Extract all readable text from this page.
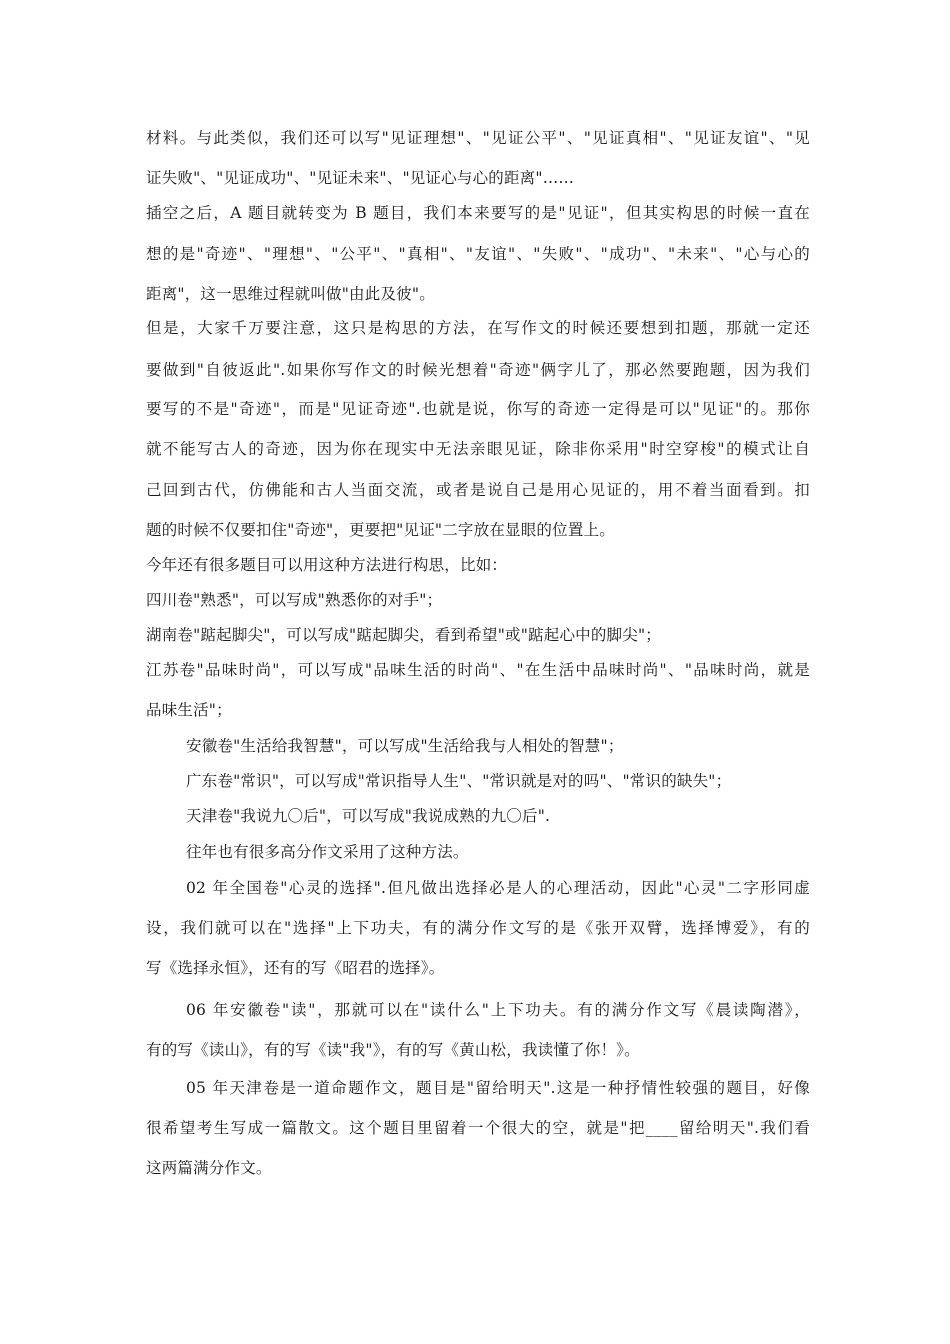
材料。与此类似，我们还可以写"见证理想"、"见证公平"、"见证真相"、"见证友谊"、"见
证失败"、"见证成功"、"见证未来"、"见证心与心的距离"……
插空之后，A 题目就转变为 B 题目，我们本来要写的是"见证"，但其实构思的时候一直在
想的是"奇迹"、"理想"、"公平"、"真相"、"友谊"、"失败"、"成功"、"未来"、"心与心的
距离"，这一思维过程就叫做"由此及彼"。
但是，大家千万要注意，这只是构思的方法，在写作文的时候还要想到扣题，那就一定还
要做到"自彼返此".如果你写作文的时候光想着"奇迹"俩字儿了，那必然要跑题，因为我们
要写的不是"奇迹"，而是"见证奇迹".也就是说，你写的奇迹一定得是可以"见证"的。那你
就不能写古人的奇迹，因为你在现实中无法亲眼见证，除非你采用"时空穿梭"的模式让自
己回到古代，仿佛能和古人当面交流，或者是说自己是用心见证的，用不着当面看到。扣
题的时候不仅要扣住"奇迹"，更要把"见证"二字放在显眼的位置上。
今年还有很多题目可以用这种方法进行构思，比如：
四川卷"熟悉"，可以写成"熟悉你的对手"；
湖南卷"踮起脚尖"，可以写成"踮起脚尖，看到希望"或"踮起心中的脚尖"；
江苏卷"品味时尚"，可以写成"品味生活的时尚"、"在生活中品味时尚"、"品味时尚，就是
品味生活"；
安徽卷"生活给我智慧"，可以写成"生活给我与人相处的智慧"；
广东卷"常识"，可以写成"常识指导人生"、"常识就是对的吗"、"常识的缺失"；
天津卷"我说九〇后"，可以写成"我说成熟的九〇后".
往年也有很多高分作文采用了这种方法。
02 年全国卷"心灵的选择".但凡做出选择必是人的心理活动，因此"心灵"二字形同虚
设，我们就可以在"选择"上下功夫，有的满分作文写的是《张开双臂，选择博爱》，有的
写《选择永恒》，还有的写《昭君的选择》。
06 年安徽卷"读"，那就可以在"读什么"上下功夫。有的满分作文写《晨读陶潜》，
有的写《读山》，有的写《读"我"》，有的写《黄山松，我读懂了你！》。
05 年天津卷是一道命题作文，题目是"留给明天".这是一种抒情性较强的题目，好像
很希望考生写成一篇散文。这个题目里留着一个很大的空，就是"把____留给明天".我们看
这两篇满分作文。
